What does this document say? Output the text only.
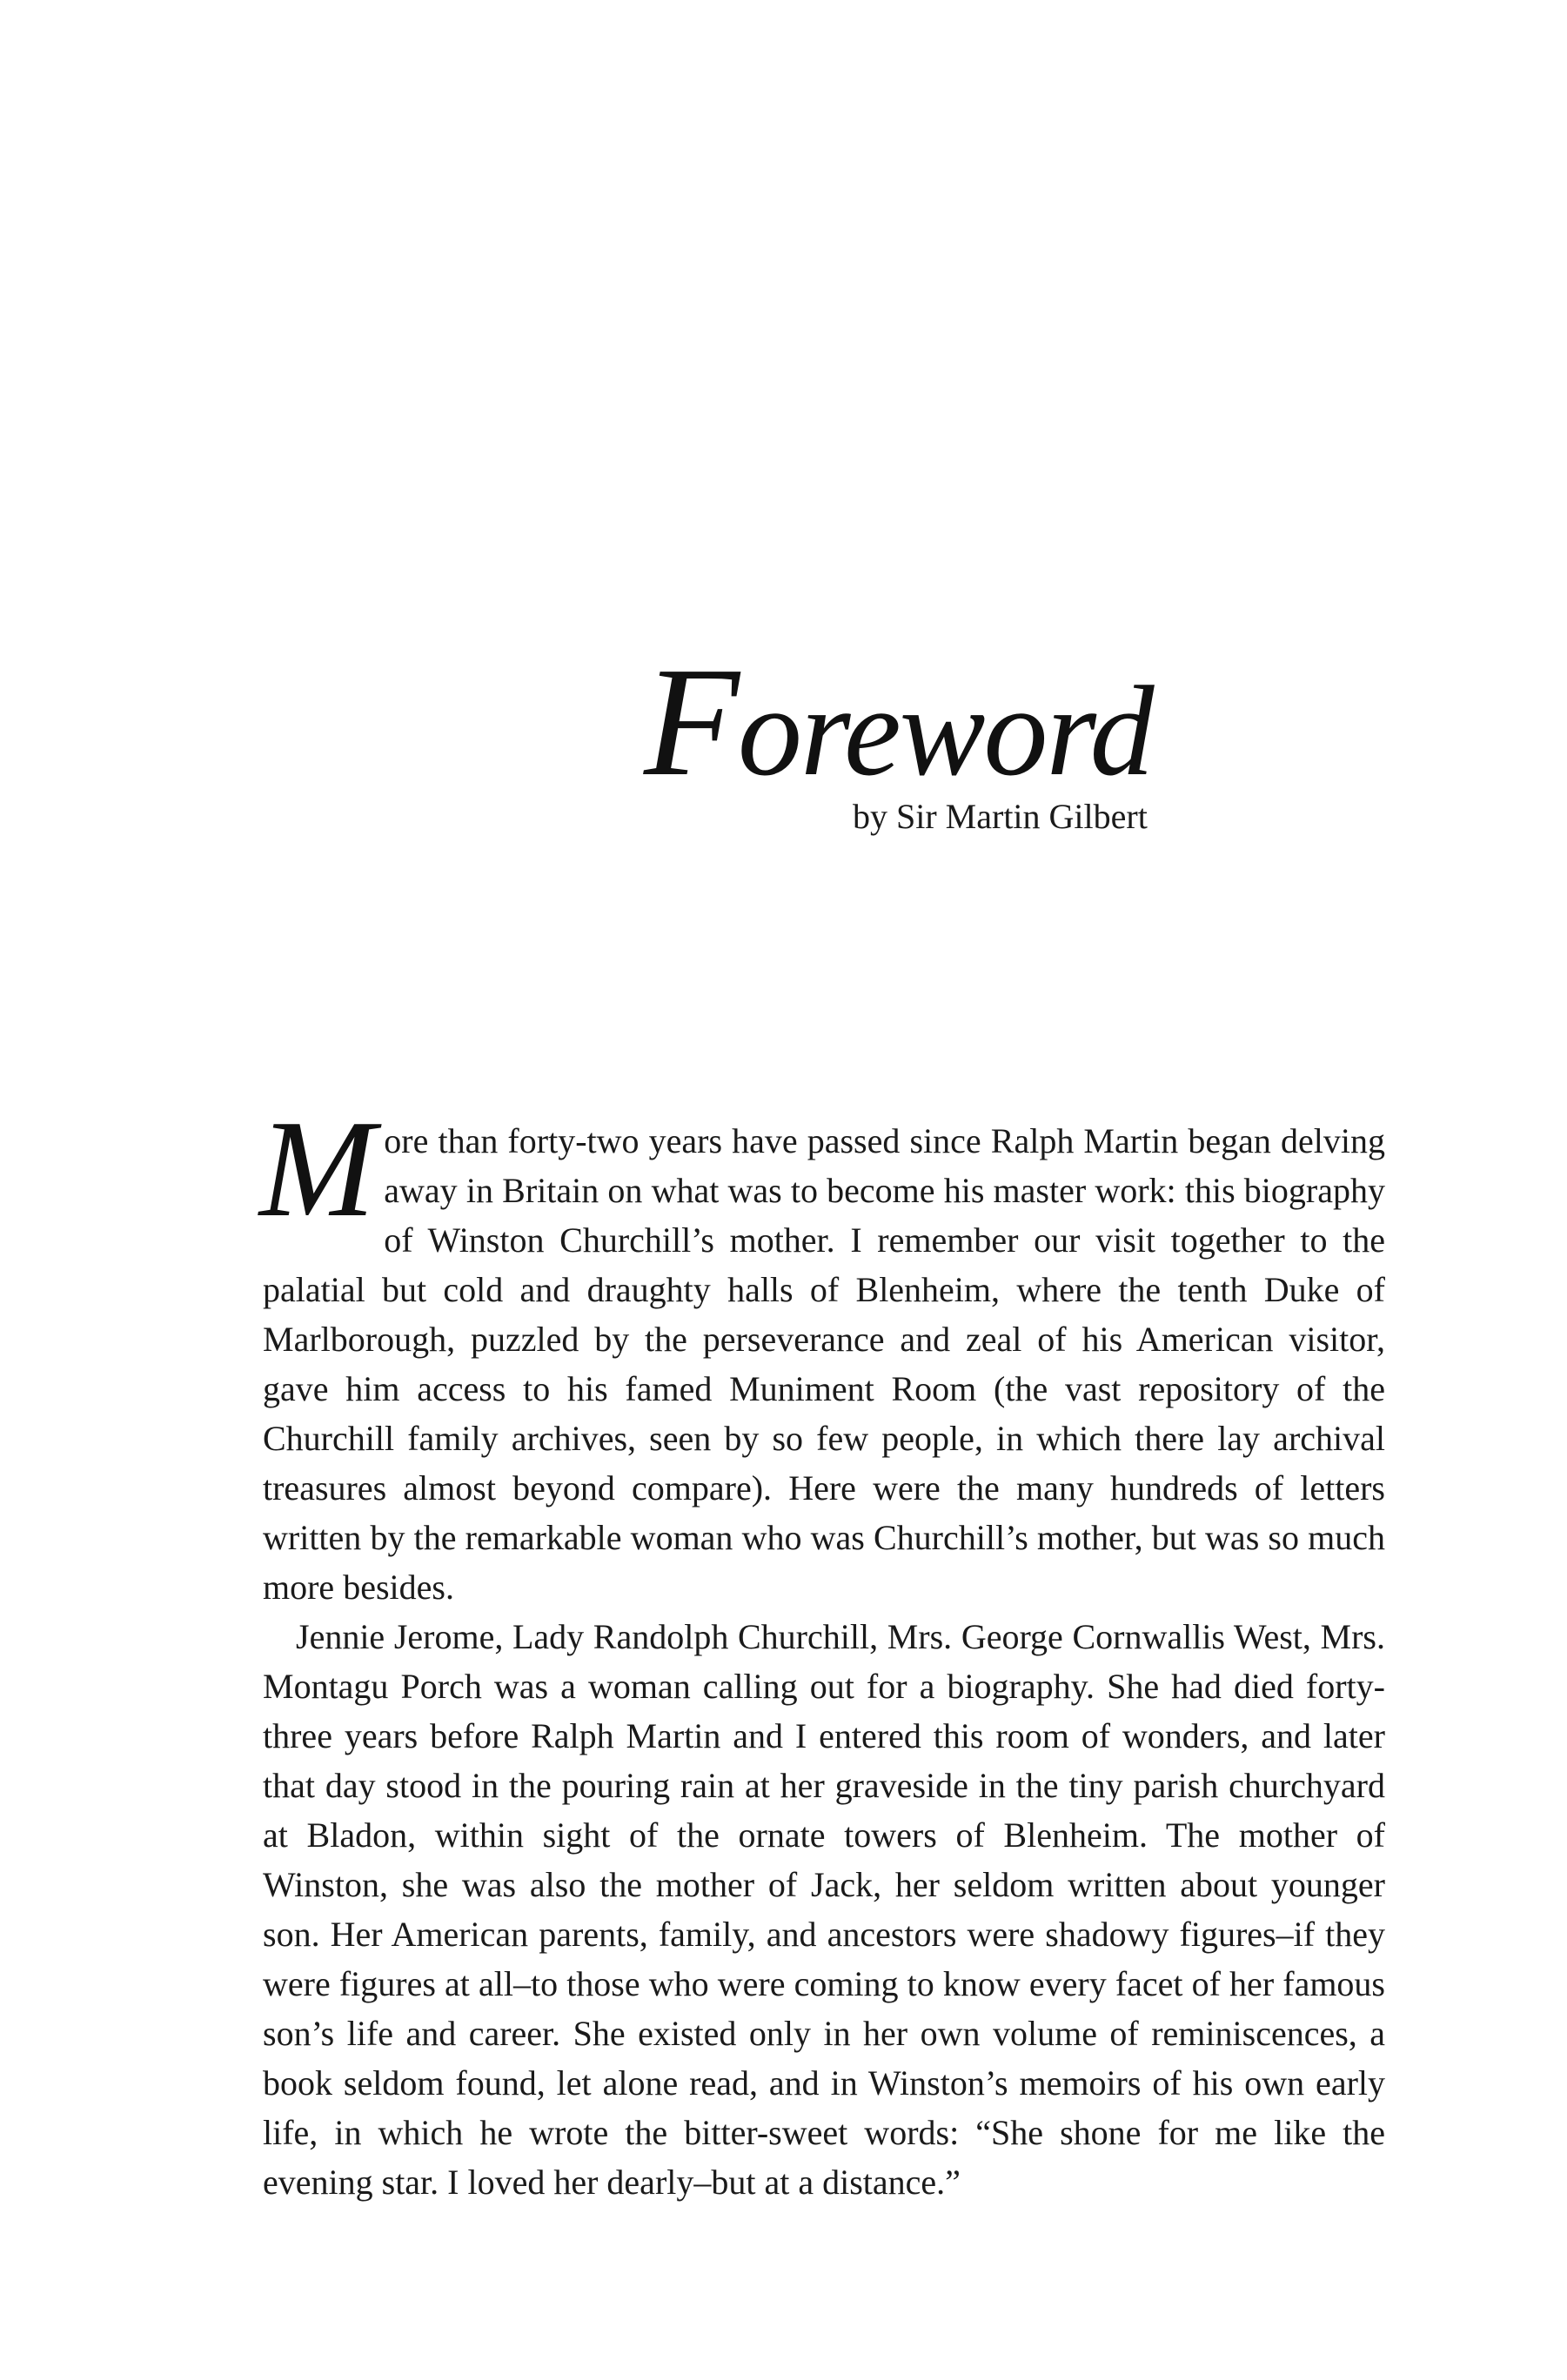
Foreword
by Sir Martin Gilbert

More than forty-two years have passed since Ralph Martin began delving away in Britain on what was to become his master work: this biography of Winston Churchill’s mother. I remember our visit together to the palatial but cold and draughty halls of Blenheim, where the tenth Duke of Marlborough, puzzled by the perseverance and zeal of his American visitor, gave him access to his famed Muniment Room (the vast repository of the Churchill family archives, seen by so few people, in which there lay archival treasures almost beyond compare). Here were the many hundreds of letters written by the remarkable woman who was Churchill’s mother, but was so much more besides.

Jennie Jerome, Lady Randolph Churchill, Mrs. George Cornwallis West, Mrs. Montagu Porch was a woman calling out for a biography. She had died forty-three years before Ralph Martin and I entered this room of wonders, and later that day stood in the pouring rain at her graveside in the tiny parish churchyard at Bladon, within sight of the ornate towers of Blenheim. The mother of Winston, she was also the mother of Jack, her seldom written about younger son. Her American parents, family, and ancestors were shadowy figures–if they were figures at all–to those who were coming to know every facet of her famous son’s life and career. She existed only in her own volume of reminiscences, a book seldom found, let alone read, and in Winston’s memoirs of his own early life, in which he wrote the bitter-sweet words: “She shone for me like the evening star. I loved her dearly–but at a distance.”
